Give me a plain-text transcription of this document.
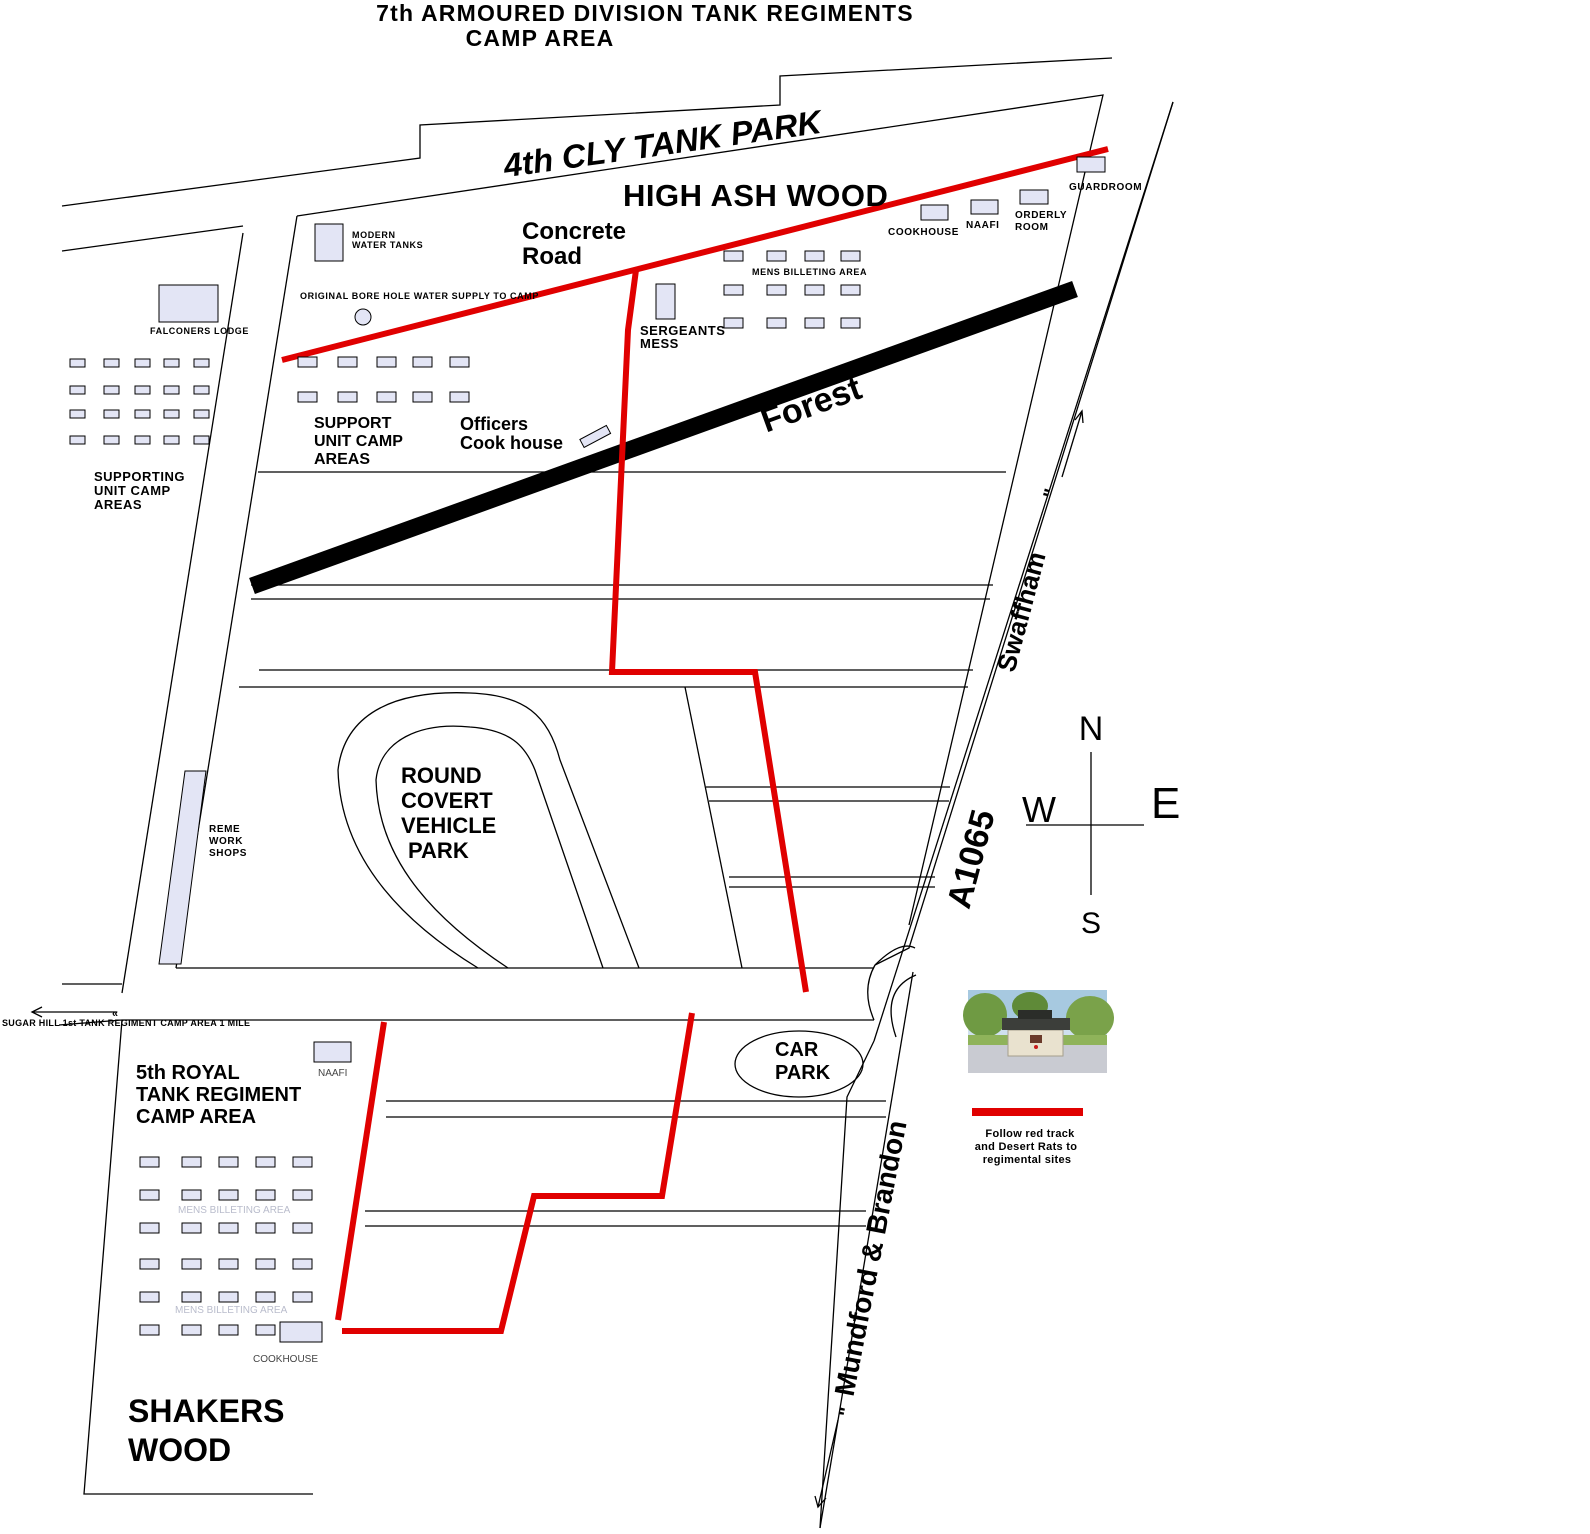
7th ARMOURED DIVISION TANK REGIMENTS
CAMP AREA
«
N
S
E
W
Follow red track
and Desert Rats to
regimental sites
4th CLY TANK PARK
HIGH ASH WOOD
Concrete
Road
MODERN
WATER TANKS
ORIGINAL BORE HOLE WATER SUPPLY TO CAMP
FALCONERS LODGE
MENS BILLETING AREA
SERGEANTS
MESS
COOKHOUSE
NAAFI
ORDERLY
ROOM
GUARDROOM
SUPPORT
UNIT CAMP
AREAS
Officers
Cook house
Forest
SUPPORTING
UNIT CAMP
AREAS
Swaffham
"
ROUND
COVERT
VEHICLE
PARK
REME
WORK
SHOPS	A1065
SUGAR HILL 1st TANK REGIMENT CAMP AREA 1 MILE
CAR
PARK
NAAFI
5th ROYAL
TANK REGIMENT
CAMP AREA
MENS BILLETING AREA
MENS BILLETING AREA
COOKHOUSE
SHAKERS
WOOD
Mundford & Brandon
"
